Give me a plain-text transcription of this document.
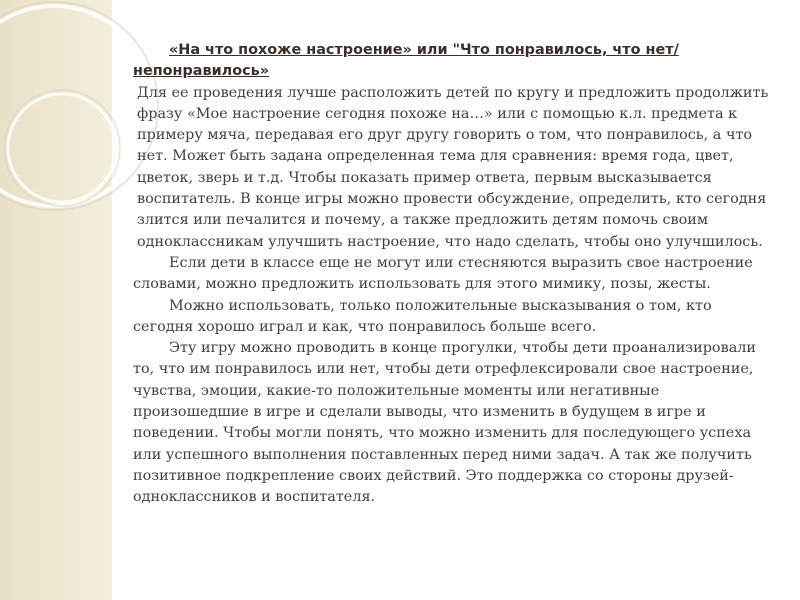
«На что похоже настроение» или "Что понравилось, что нет/непонравилось»

Для ее проведения лучше расположить детей по кругу и предложить продолжить фразу «Мое настроение сегодня похоже на…» или с помощью к.л. предмета к примеру мяча, передавая его друг другу говорить о том, что понравилось, а что нет. Может быть задана определенная тема для сравнения: время года, цвет, цветок, зверь и т.д. Чтобы показать пример ответа, первым высказывается воспитатель. В конце игры можно провести обсуждение, определить, кто сегодня злится или печалится и почему, а также предложить детям помочь своим одноклассникам улучшить настроение, что надо сделать, чтобы оно улучшилось.

Если дети в классе еще не могут или стесняются выразить свое настроение словами, можно предложить использовать для этого мимику, позы, жесты.

Можно использовать, только положительные высказывания о том, кто сегодня хорошо играл и как, что понравилось больше всего.

Эту игру можно проводить в конце прогулки, чтобы дети проанализировали то, что им понравилось или нет, чтобы дети отрефлексировали свое настроение, чувства, эмоции, какие-то положительные моменты или негативные произошедшие в игре и сделали выводы, что изменить в будущем в игре и поведении. Чтобы могли понять, что можно изменить для последующего успеха или успешного выполнения поставленных перед ними задач. А так же получить позитивное подкрепление своих действий. Это поддержка со стороны друзей-одноклассников и воспитателя.
